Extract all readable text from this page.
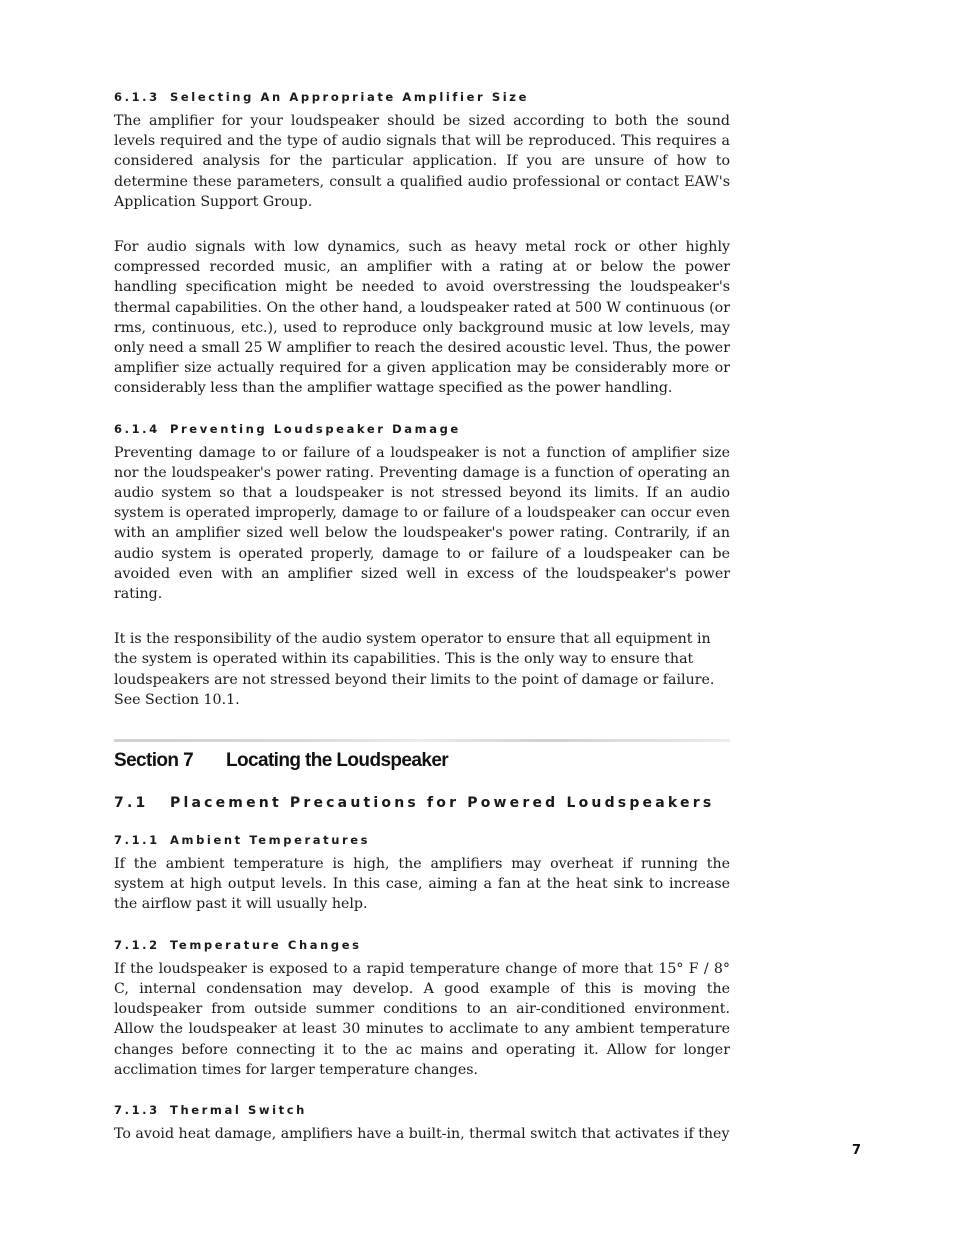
6.1.3 Selecting An Appropriate Amplifier Size

The amplifier for your loudspeaker should be sized according to both the sound levels required and the type of audio signals that will be reproduced. This requires a considered analysis for the particular application. If you are unsure of how to determine these parameters, consult a qualified audio professional or contact EAW's Application Support Group.

For audio signals with low dynamics, such as heavy metal rock or other highly compressed recorded music, an amplifier with a rating at or below the power handling specification might be needed to avoid overstressing the loudspeaker's thermal capabilities. On the other hand, a loudspeaker rated at 500 W continuous (or rms, continuous, etc.), used to reproduce only background music at low levels, may only need a small 25 W amplifier to reach the desired acoustic level. Thus, the power amplifier size actually required for a given application may be considerably more or considerably less than the amplifier wattage specified as the power handling.

6.1.4 Preventing Loudspeaker Damage

Preventing damage to or failure of a loudspeaker is not a function of amplifier size nor the loudspeaker's power rating. Preventing damage is a function of operating an audio system so that a loudspeaker is not stressed beyond its limits. If an audio system is operated improperly, damage to or failure of a loudspeaker can occur even with an amplifier sized well below the loudspeaker's power rating. Contrarily, if an audio system is operated properly, damage to or failure of a loudspeaker can be avoided even with an amplifier sized well in excess of the loudspeaker's power rating.

It is the responsibility of the audio system operator to ensure that all equipment in the system is operated within its capabilities. This is the only way to ensure that loudspeakers are not stressed beyond their limits to the point of damage or failure. See Section 10.1.

Section 7 Locating the Loudspeaker
7.1 Placement Precautions for Powered Loudspeakers
7.1.1 Ambient Temperatures

If the ambient temperature is high, the amplifiers may overheat if running the system at high output levels. In this case, aiming a fan at the heat sink to increase the airflow past it will usually help.

7.1.2 Temperature Changes

If the loudspeaker is exposed to a rapid temperature change of more that 15° F / 8° C, internal condensation may develop. A good example of this is moving the loudspeaker from outside summer conditions to an air-conditioned environment. Allow the loudspeaker at least 30 minutes to acclimate to any ambient temperature changes before connecting it to the ac mains and operating it. Allow for longer acclimation times for larger temperature changes.

7.1.3 Thermal Switch

To avoid heat damage, amplifiers have a built-in, thermal switch that activates if they

7
